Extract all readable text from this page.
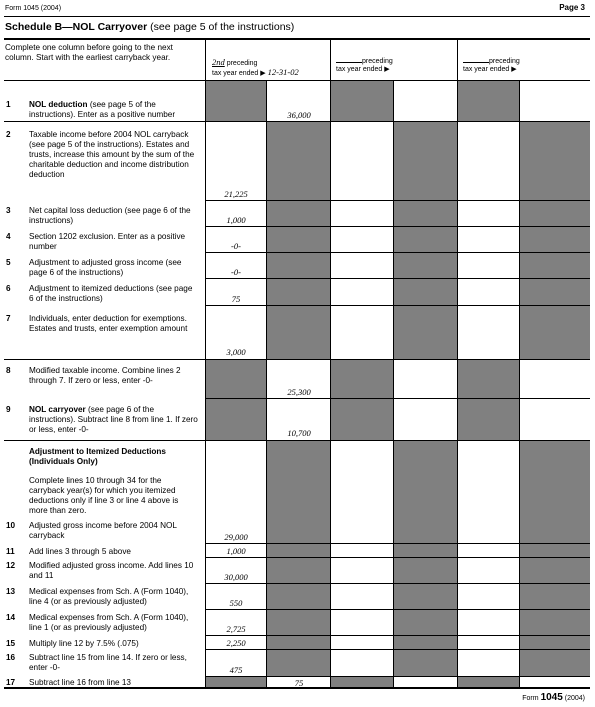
Form 1045 (2004)	Page 3
Schedule B—NOL Carryover (see page 5 of the instructions)
Complete one column before going to the next column. Start with the earliest carryback year.	2nd preceding
tax year ended ▶ 12-31-02
preceding
tax year ended ▶
preceding
tax year ended ▶
1 NOL deduction (see page 5 of the instructions). Enter as a positive number
2 Taxable income before 2004 NOL carryback (see page 5 of the instructions). Estates and trusts, increase this amount by the sum of the charitable deduction and income distribution deduction
3 Net capital loss deduction (see page 6 of the instructions)
4 Section 1202 exclusion. Enter as a positive number
5 Adjustment to adjusted gross income (see page 6 of the instructions)
6 Adjustment to itemized deductions (see page 6 of the instructions)
7 Individuals, enter deduction for exemptions. Estates and trusts, enter exemption amount
8 Modified taxable income. Combine lines 2 through 7. If zero or less, enter -0-
9 NOL carryover (see page 6 of the instructions). Subtract line 8 from line 1. If zero or less, enter -0-
Adjustment to Itemized Deductions (Individuals Only)
Complete lines 10 through 34 for the carryback year(s) for which you itemized deductions only if line 3 or line 4 above is more than zero.
10 Adjusted gross income before 2004 NOL carryback
11 Add lines 3 through 5 above
12 Modified adjusted gross income. Add lines 10 and 11
13 Medical expenses from Sch. A (Form 1040), line 4 (or as previously adjusted)
14 Medical expenses from Sch. A (Form 1040), line 1 (or as previously adjusted)
15 Multiply line 12 by 7.5% (.075)
16 Subtract line 15 from line 14. If zero or less, enter -0-
17 Subtract line 16 from line 13
36,000
21,225
1,000
-0-
-0-
75
3,000
25,300
10,700
29,000
1,000
30,000
550
2,725
2,250
475
75
Form 1045 (2004)
